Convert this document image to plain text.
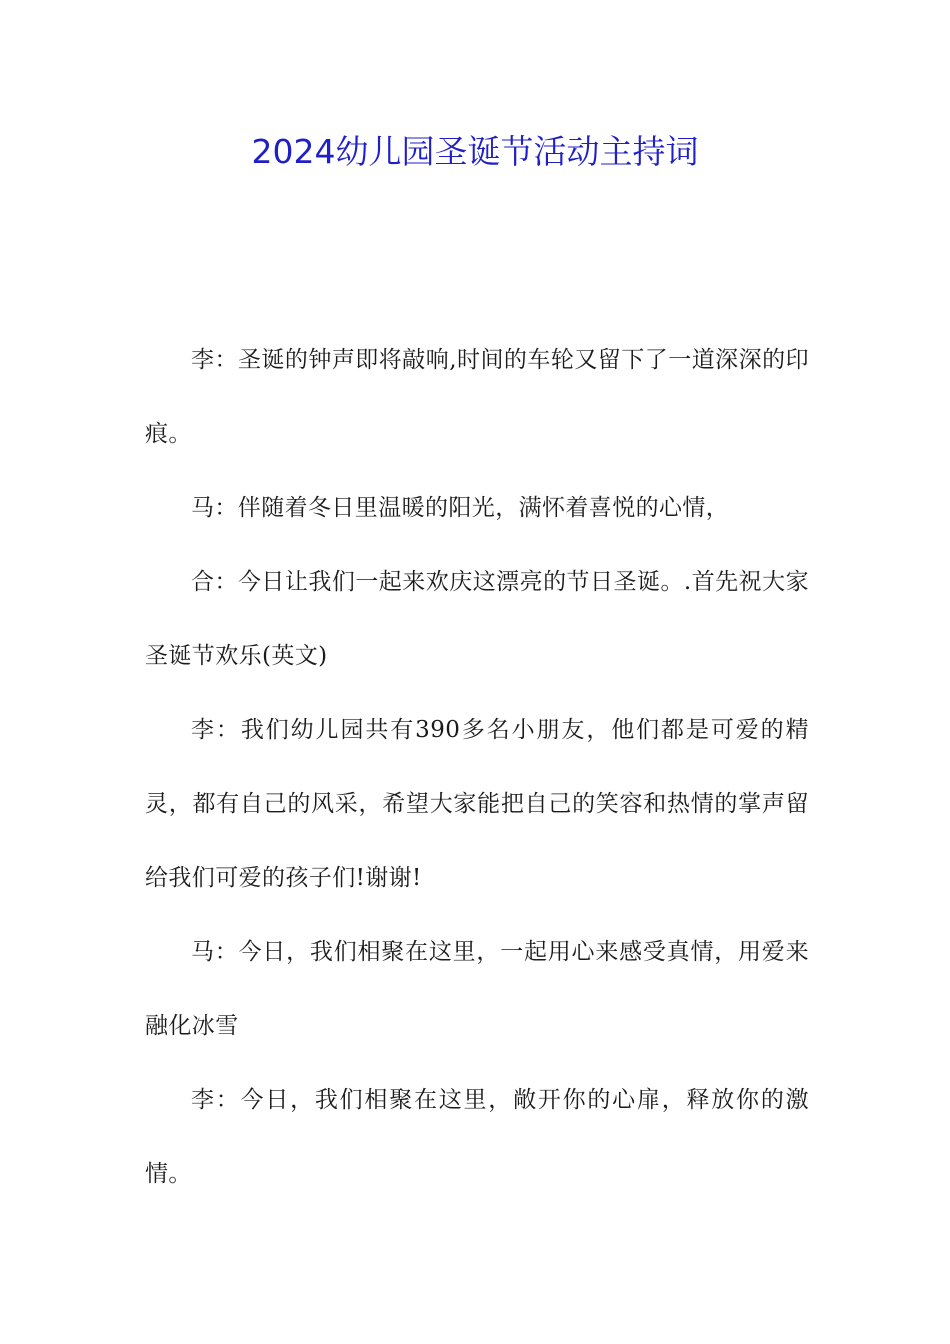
2024幼儿园圣诞节活动主持词

李：圣诞的钟声即将敲响,时间的车轮又留下了一道深深的印痕。

马：伴随着冬日里温暖的阳光，满怀着喜悦的心情，

合：今日让我们一起来欢庆这漂亮的节日圣诞。.首先祝大家圣诞节欢乐(英文)

李：我们幼儿园共有390多名小朋友，他们都是可爱的精灵，都有自己的风采，希望大家能把自己的笑容和热情的掌声留给我们可爱的孩子们!谢谢!

马：今日，我们相聚在这里，一起用心来感受真情，用爱来融化冰雪

李：今日，我们相聚在这里，敞开你的心扉，释放你的激情。
